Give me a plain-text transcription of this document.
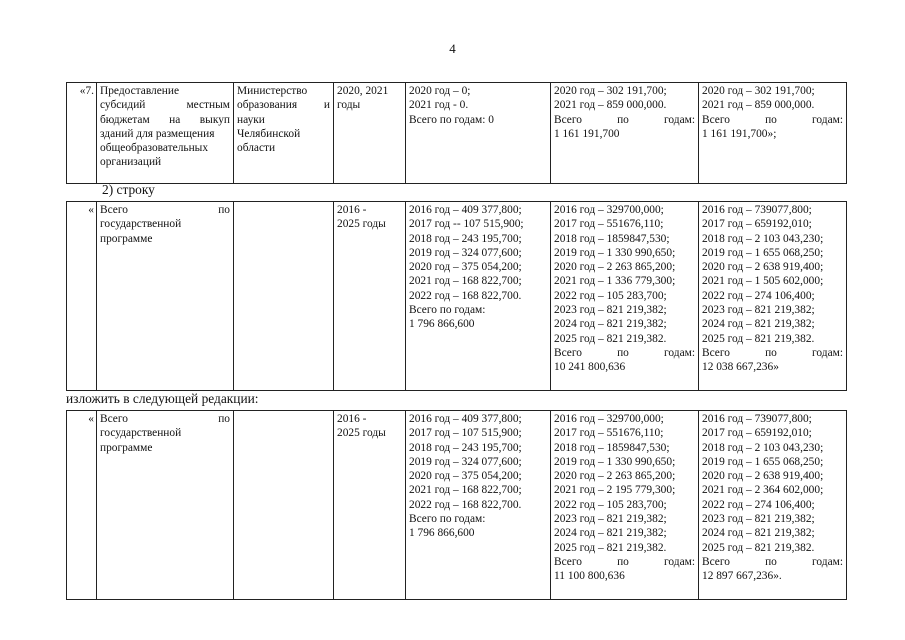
4
«7.	Предоставление
субсидий местным
бюджетам на выкуп
зданий для размещения
общеобразовательных
организаций

Министерство
образования и
науки
Челябинской
области

2020, 2021
годы

2020 год – 0;
2021 год - 0.
Всего по годам: 0

2020 год – 302 191,700;
2021 год – 859 000,000.
Всего	по	годам:
1 161 191,700

2020 год – 302 191,700;
2021 год – 859 000,000.
Всего	по	годам:
1 161 191,700»;
2) строку
«	Всего	по
государственной
программе

2016 -
2025 годы

2016 год – 409 377,800;
2017 год -- 107 515,900;
2018 год – 243 195,700;
2019 год – 324 077,600;
2020 год – 375 054,200;
2021 год – 168 822,700;
2022 год – 168 822,700.
Всего по годам:
1 796 866,600

2016 год – 329700,000;
2017 год – 551676,110;
2018 год – 1859847,530;
2019 год – 1 330 990,650;
2020 год – 2 263 865,200;
2021 год – 1 336 779,300;
2022 год – 105 283,700;
2023 год – 821 219,382;
2024 год – 821 219,382;
2025 год – 821 219,382.
Всего	по	годам:
10 241 800,636

2016 год – 739077,800;
2017 год – 659192,010;
2018 год – 2 103 043,230;
2019 год – 1 655 068,250;
2020 год – 2 638 919,400;
2021 год – 1 505 602,000;
2022 год – 274 106,400;
2023 год – 821 219,382;
2024 год – 821 219,382;
2025 год – 821 219,382.
Всего	по	годам:
12 038 667,236»
изложить в следующей редакции:
«	Всего	по
государственной
программе

2016 -
2025 годы

2016 год – 409 377,800;
2017 год – 107 515,900;
2018 год – 243 195,700;
2019 год – 324 077,600;
2020 год – 375 054,200;
2021 год – 168 822,700;
2022 год – 168 822,700.
Всего по годам:
1 796 866,600

2016 год – 329700,000;
2017 год – 551676,110;
2018 год – 1859847,530;
2019 год – 1 330 990,650;
2020 год – 2 263 865,200;
2021 год – 2 195 779,300;
2022 год – 105 283,700;
2023 год – 821 219,382;
2024 год – 821 219,382;
2025 год – 821 219,382.
Всего	по	годам:
11 100 800,636

2016 год – 739077,800;
2017 год – 659192,010;
2018 год – 2 103 043,230;
2019 год – 1 655 068,250;
2020 год – 2 638 919,400;
2021 год – 2 364 602,000;
2022 год – 274 106,400;
2023 год – 821 219,382;
2024 год – 821 219,382;
2025 год – 821 219,382.
Всего	по	годам:
12 897 667,236».
